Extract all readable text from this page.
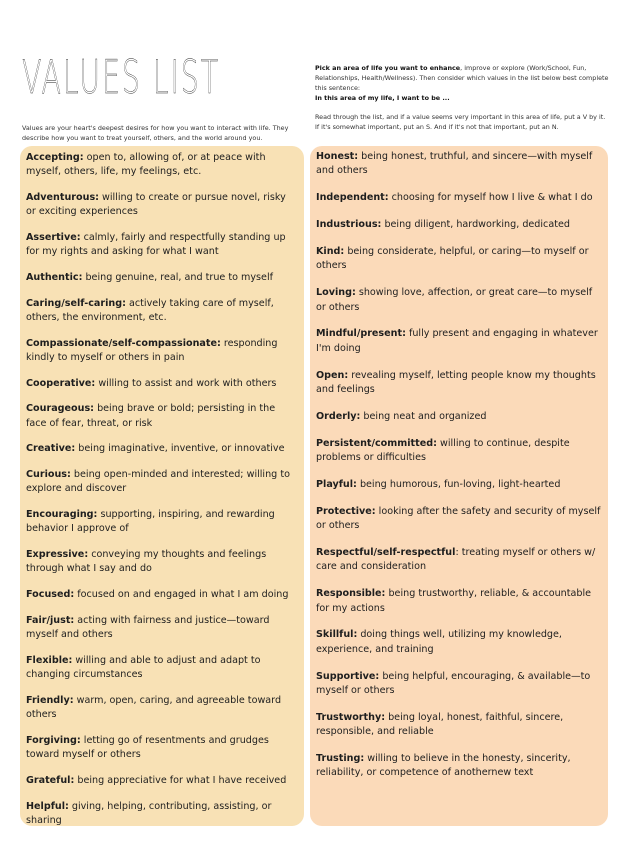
VALUES LIST
Values are your heart's deepest desires for how you want to interact with life. They describe how you want to treat yourself, others, and the world around you.

Pick an area of life you want to enhance, improve or explore (Work/School, Fun, Relationships, Health/Wellness). Then consider which values in the list below best complete this sentence:

In this area of my life, I want to be ...

Read through the list, and if a value seems very important in this area of life, put a V by it. If it's somewhat important, put an S. And if it's not that important, put an N.

Accepting: open to, allowing of, or at peace with myself, others, life, my feelings, etc.

Adventurous: willing to create or pursue novel, risky or exciting experiences

Assertive: calmly, fairly and respectfully standing up for my rights and asking for what I want

Authentic: being genuine, real, and true to myself

Caring/self-caring: actively taking care of myself, others, the environment, etc.

Compassionate/self-compassionate: responding kindly to myself or others in pain

Cooperative: willing to assist and work with others

Courageous: being brave or bold; persisting in the face of fear, threat, or risk

Creative: being imaginative, inventive, or innovative

Curious: being open-minded and interested; willing to explore and discover

Encouraging: supporting, inspiring, and rewarding behavior I approve of

Expressive: conveying my thoughts and feelings through what I say and do

Focused: focused on and engaged in what I am doing

Fair/just: acting with fairness and justice—toward myself and others

Flexible: willing and able to adjust and adapt to changing circumstances

Friendly: warm, open, caring, and agreeable toward others

Forgiving: letting go of resentments and grudges toward myself or others

Grateful: being appreciative for what I have received

Helpful: giving, helping, contributing, assisting, or sharing

Honest: being honest, truthful, and sincere—with myself and others

Independent: choosing for myself how I live & what I do

Industrious: being diligent, hardworking, dedicated

Kind: being considerate, helpful, or caring—to myself or others

Loving: showing love, affection, or great care—to myself or others

Mindful/present: fully present and engaging in whatever I'm doing

Open: revealing myself, letting people know my thoughts and feelings

Orderly: being neat and organized

Persistent/committed: willing to continue, despite problems or difficulties

Playful: being humorous, fun-loving, light-hearted

Protective: looking after the safety and security of myself or others

Respectful/self-respectful: treating myself or others w/ care and consideration

Responsible: being trustworthy, reliable, & accountable for my actions

Skillful: doing things well, utilizing my knowledge, experience, and training

Supportive: being helpful, encouraging, & available—to myself or others

Trustworthy: being loyal, honest, faithful, sincere, responsible, and reliable

Trusting: willing to believe in the honesty, sincerity, reliability, or competence of anothernew text
